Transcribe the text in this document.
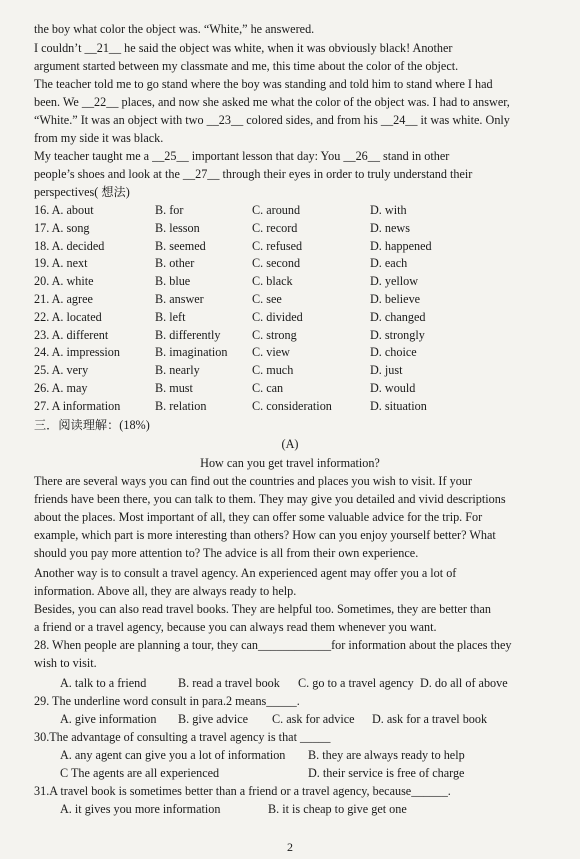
the boy what color the object was. “White,” he answered.
I couldn’t __21__ he said the object was white, when it was obviously black! Another
argument started between my classmate and me, this time about the color of the object.
The teacher told me to go stand where the boy was standing and told him to stand where I had
been. We __22__ places, and now she asked me what the color of the object was. I had to answer,
“White.” It was an object with two __23__ colored sides, and from his __24__ it was white. Only
from my side it was black.
My teacher taught me a __25__ important lesson that day: You __26__ stand in other
people’s shoes and look at the __27__ through their eyes in order to truly understand their
perspectives( 想法)
16. A. about	B. for	C. around	D. with
17. A. song	B. lesson	C. record	D. news
18. A. decided	B. seemed	C. refused	D. happened
19. A. next	B. other	C. second	D. each
20. A. white	B. blue	C. black	D. yellow
21. A. agree	B. answer	C. see	D. believe
22. A. located	B. left	C. divided	D. changed
23. A. different	B. differently	C. strong	D. strongly
24. A. impression	B. imagination C. view	D. choice
25. A. very	B. nearly	C. much	D. just
26. A. may	B. must	C. can	D. would
27. A information	B. relation	C. consideration	D. situation
三．阅读理解：(18%)
(A)
How can you get travel information?
There are several ways you can find out the countries and places you wish to visit. If your
friends have been there, you can talk to them. They may give you detailed and vivid descriptions
about the places. Most important of all, they can offer some valuable advice for the trip. For
example, which part is more interesting than others? How can you enjoy yourself better? What
should you pay more attention to? The advice is all from their own experience.
Another way is to consult a travel agency. An experienced agent may offer you a lot of
information. Above all, they are always ready to help.
Besides, you can also read travel books. They are helpful too. Sometimes, they are better than
a friend or a travel agency, because you can always read them whenever you want.
28. When people are planning a tour, they can____________for information about the places they
wish to visit.
A. talk to a friend	B. read a travel book C. go to a travel agency D. do all of above
29. The underline word consult in para.2 means_____.
A. give information B. give advice C. ask for advice D. ask for a travel book
30.The advantage of consulting a travel agency is that _____
A. any agent can give you a lot of information B. they are always ready to help
C The agents are all experienced	D. their service is free of charge
31.A travel book is sometimes better than a friend or a travel agency, because______.
A. it gives you more information	B. it is cheap to give get one
2
